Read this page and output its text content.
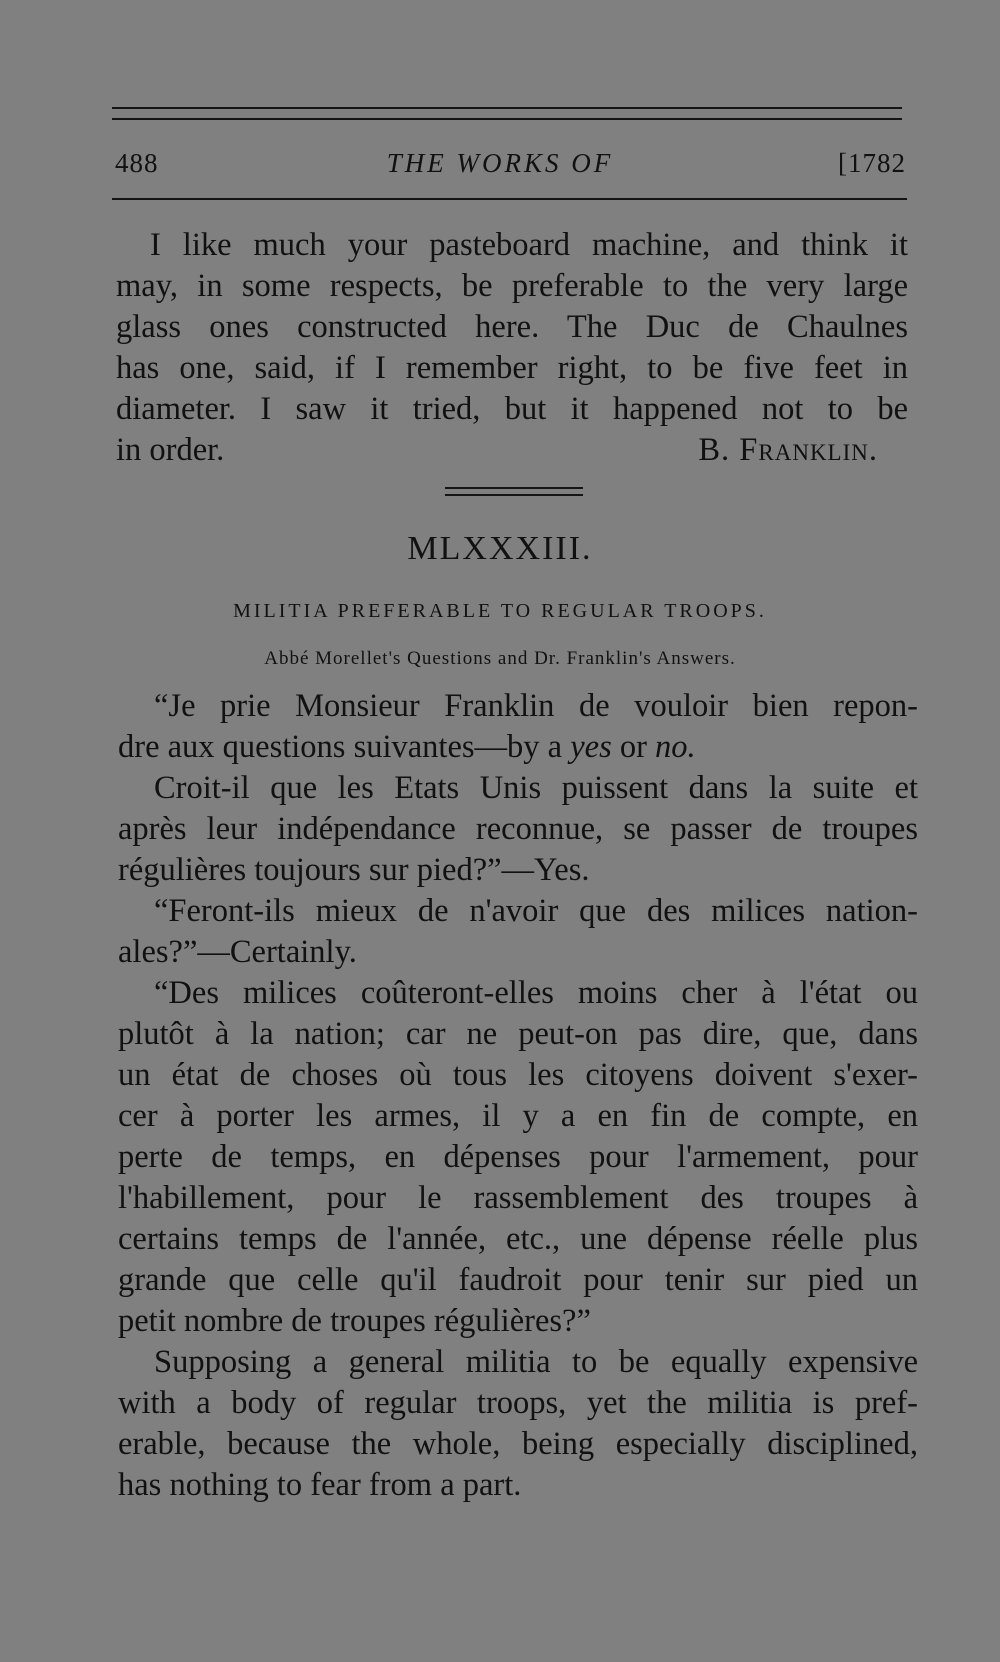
488	THE WORKS OF	[1782
I like much your pasteboard machine, and think it
may, in some respects, be preferable to the very large
glass ones constructed here. The Duc de Chaulnes
has one, said, if I remember right, to be five feet in
diameter. I saw it tried, but it happened not to be
in order.	B. Franklin.
MLXXXIII.
MILITIA PREFERABLE TO REGULAR TROOPS.
Abbé Morellet's Questions and Dr. Franklin's Answers.
“Je prie Monsieur Franklin de vouloir bien repon-
dre aux questions suivantes—by a yes or no.
Croit-il que les Etats Unis puissent dans la suite et
après leur indépendance reconnue, se passer de troupes
régulières toujours sur pied?”—Yes.
“Feront-ils mieux de n'avoir que des milices nation-
ales?”—Certainly.
“Des milices coûteront-elles moins cher à l'état ou
plutôt à la nation; car ne peut-on pas dire, que, dans
un état de choses où tous les citoyens doivent s'exer-
cer à porter les armes, il y a en fin de compte, en
perte de temps, en dépenses pour l'armement, pour
l'habillement, pour le rassemblement des troupes à
certains temps de l'année, etc., une dépense réelle plus
grande que celle qu'il faudroit pour tenir sur pied un
petit nombre de troupes régulières?”
Supposing a general militia to be equally expensive
with a body of regular troops, yet the militia is pref-
erable, because the whole, being especially disciplined,
has nothing to fear from a part.
